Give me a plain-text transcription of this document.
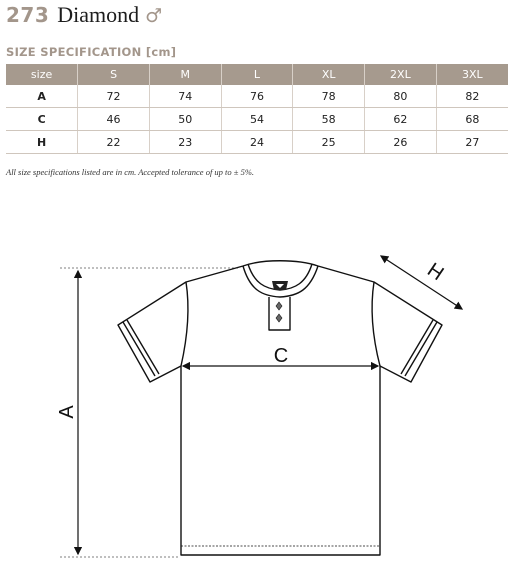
273 Diamond ♂
SIZE SPECIFICATION [cm]
size	S	M	L	XL	2XL	3XL
A	72	74	76	78	80	82
C	46	50	54	58	62	68
H	22	23	24	25	26	27
All size specifications listed are in cm. Accepted tolerance of up to ± 5%.
A
C
H
